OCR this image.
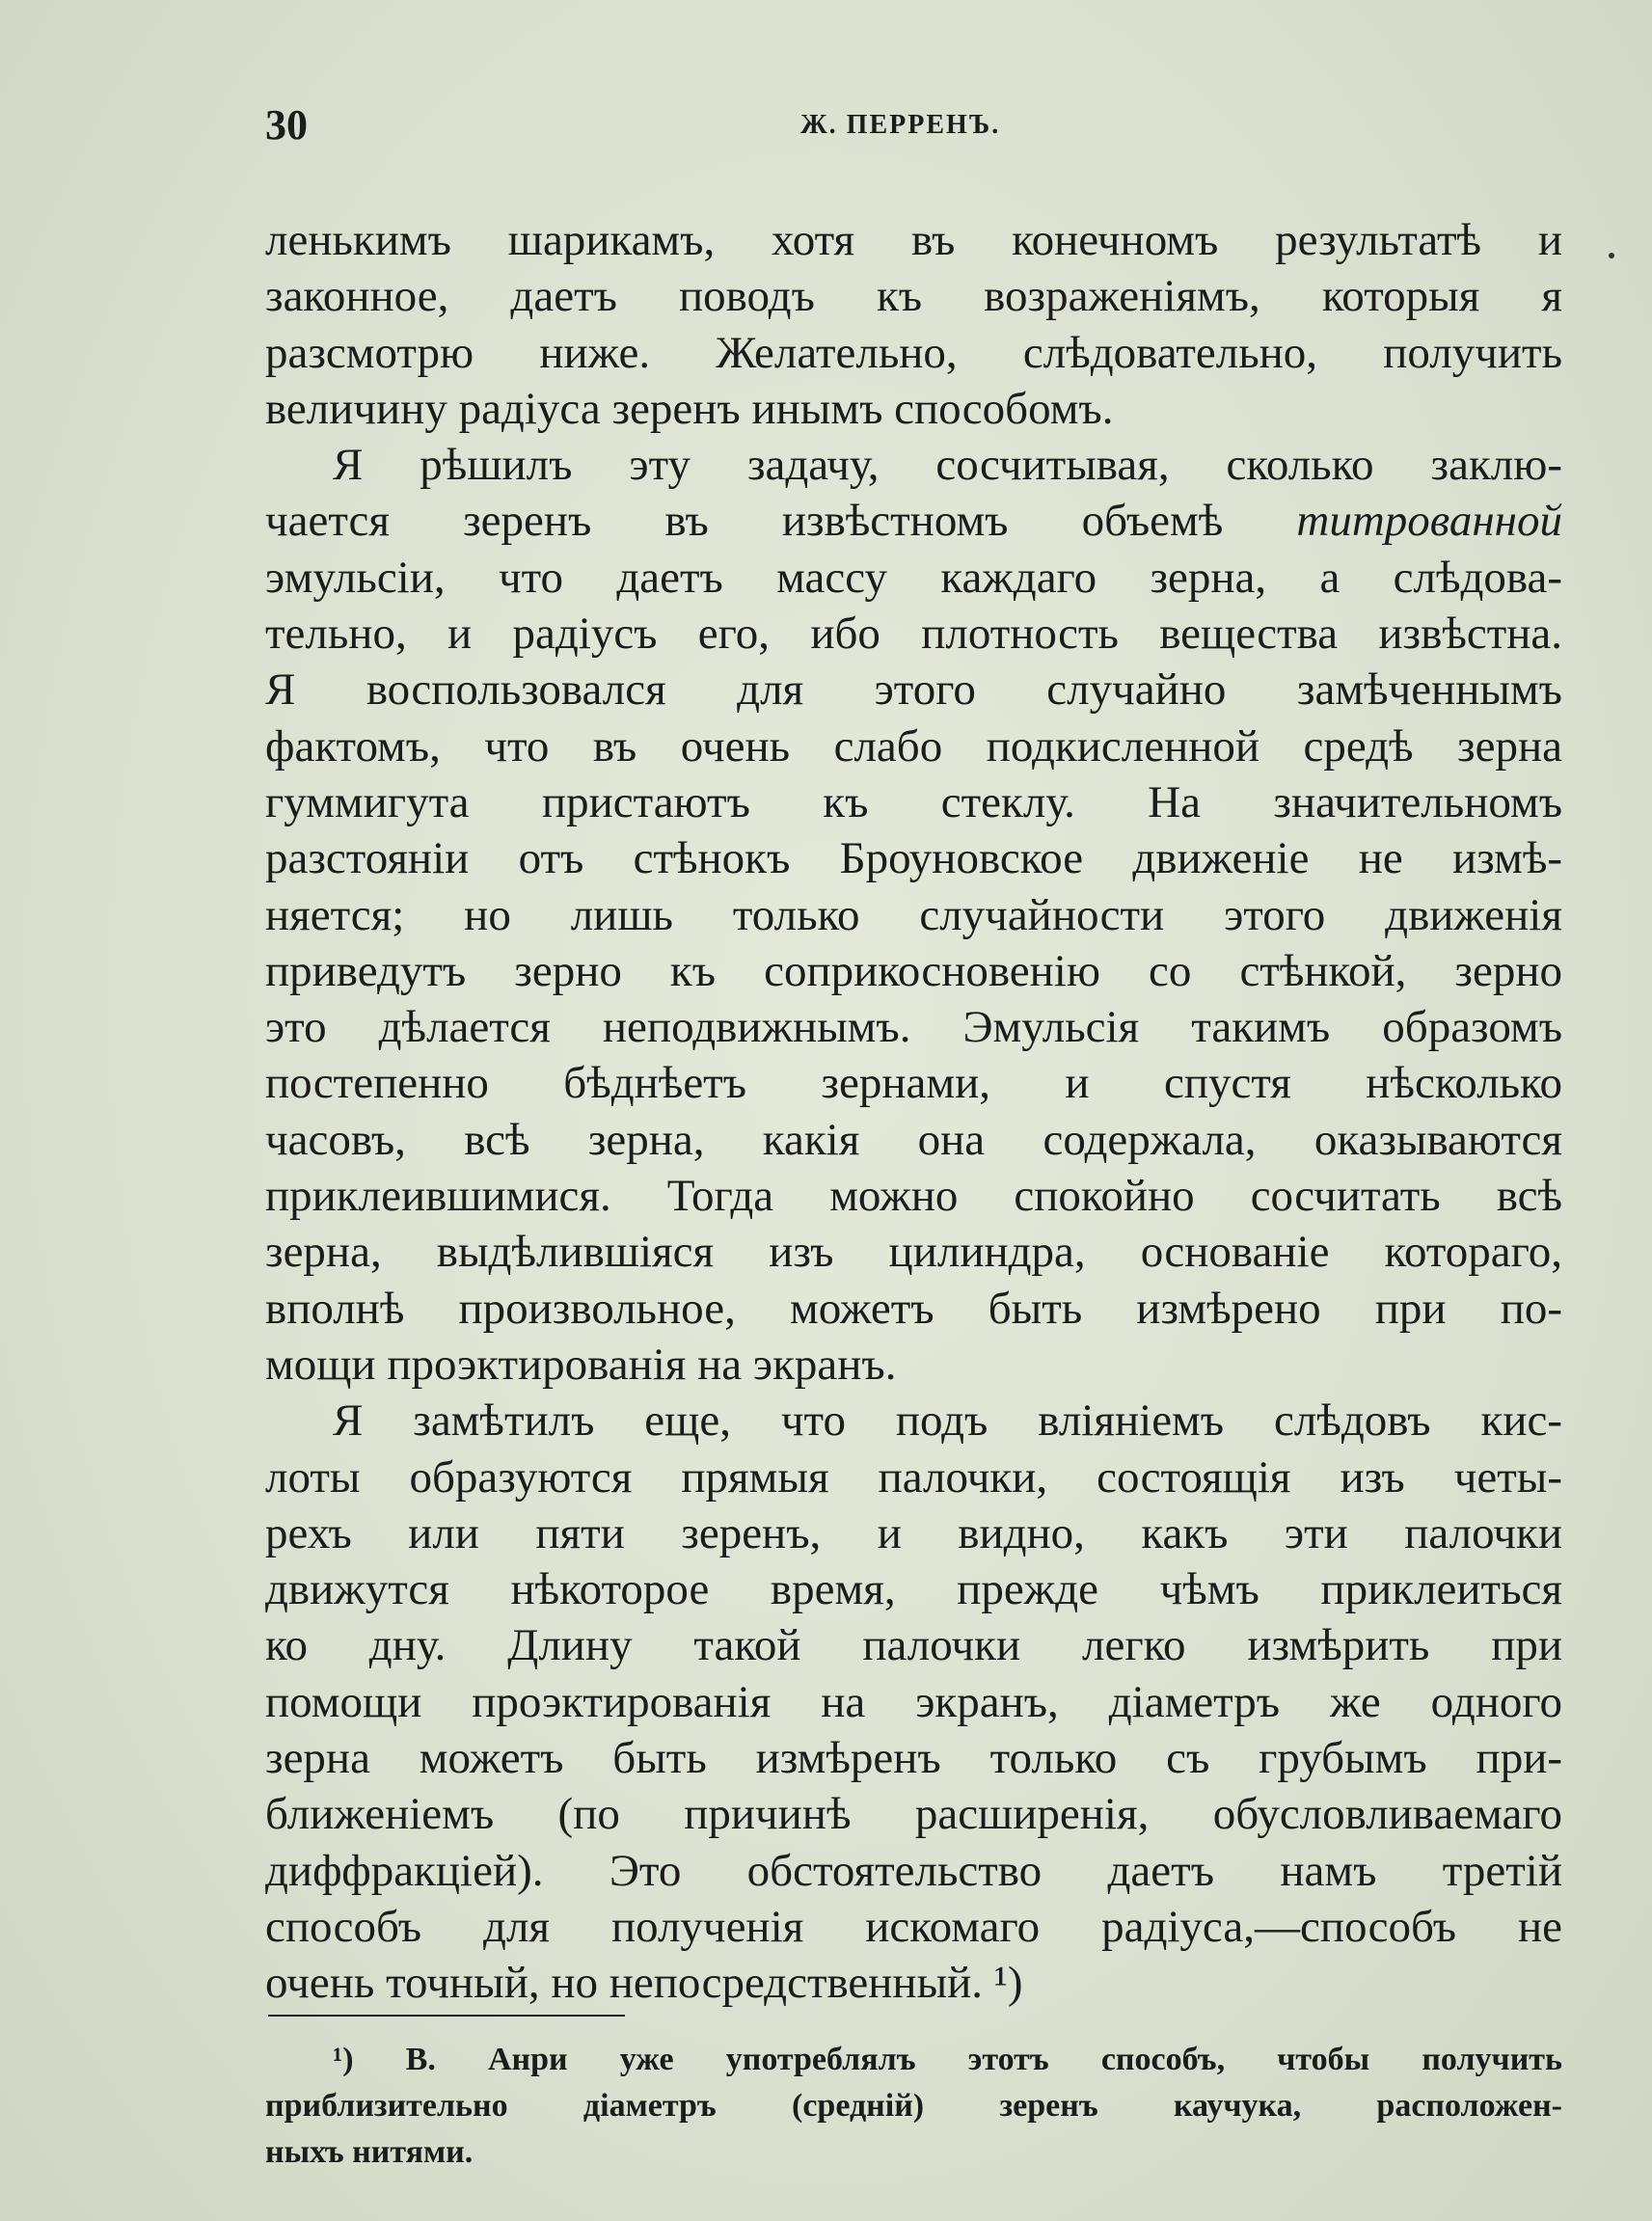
30	Ж. ПЕРРЕНЪ.
ленькимъ шарикамъ, хотя въ конечномъ результатѣ и
законное, даетъ поводъ къ возраженіямъ, которыя я
разсмотрю ниже. Желательно, слѣдовательно, получить
величину радіуса зеренъ инымъ способомъ.
Я рѣшилъ эту задачу, сосчитывая, сколько заклю-
чается зеренъ въ извѣстномъ объемѣ титрованной
эмульсіи, что даетъ массу каждаго зерна, а слѣдова-
тельно, и радіусъ его, ибо плотность вещества извѣстна.
Я воспользовался для этого случайно замѣченнымъ
фактомъ, что въ очень слабо подкисленной средѣ зерна
гуммигута пристаютъ къ стеклу. На значительномъ
разстояніи отъ стѣнокъ Броуновское движеніе не измѣ-
няется; но лишь только случайности этого движенія
приведутъ зерно къ соприкосновенію со стѣнкой, зерно
это дѣлается неподвижнымъ. Эмульсія такимъ образомъ
постепенно бѣднѣетъ зернами, и спустя нѣсколько
часовъ, всѣ зерна, какія она содержала, оказываются
приклеившимися. Тогда можно спокойно сосчитать всѣ
зерна, выдѣлившіяся изъ цилиндра, основаніе котораго,
вполнѣ произвольное, можетъ быть измѣрено при по-
мощи проэктированія на экранъ.
Я замѣтилъ еще, что подъ вліяніемъ слѣдовъ кис-
лоты образуются прямыя палочки, состоящія изъ четы-
рехъ или пяти зеренъ, и видно, какъ эти палочки
движутся нѣкоторое время, прежде чѣмъ приклеиться
ко дну. Длину такой палочки легко измѣрить при
помощи проэктированія на экранъ, діаметръ же одного
зерна можетъ быть измѣренъ только съ грубымъ при-
ближеніемъ (по причинѣ расширенія, обусловливаемаго
диффракціей). Это обстоятельство даетъ намъ третій
способъ для полученія искомаго радіуса,—способъ не
очень точный, но непосредственный. ¹)
¹) В. Анри уже употреблялъ этотъ способъ, чтобы получить
приблизительно діаметръ (средній) зеренъ каучука, расположен-
ныхъ нитями.
